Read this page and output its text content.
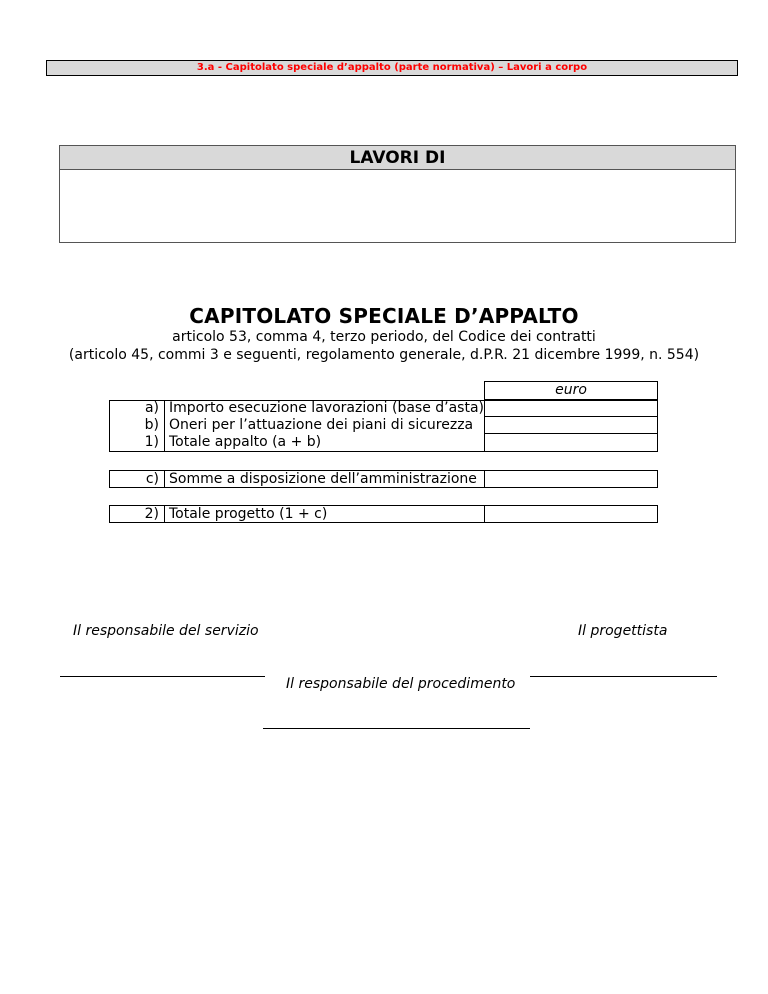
3.a - Capitolato speciale d’appalto (parte normativa) – Lavori a corpo
LAVORI DI
CAPITOLATO SPECIALE D’APPALTO
articolo 53, comma 4, terzo periodo, del Codice dei contratti
(articolo 45, commi 3 e seguenti, regolamento generale, d.P.R. 21 dicembre 1999, n. 554)
euro
a) Importo esecuzione lavorazioni (base d’asta)
b) Oneri per l’attuazione dei piani di sicurezza
1) Totale appalto (a + b)
c) Somme a disposizione dell’amministrazione
2) Totale progetto (1 + c)
Il responsabile del servizio	Il progettista
Il responsabile del procedimento
